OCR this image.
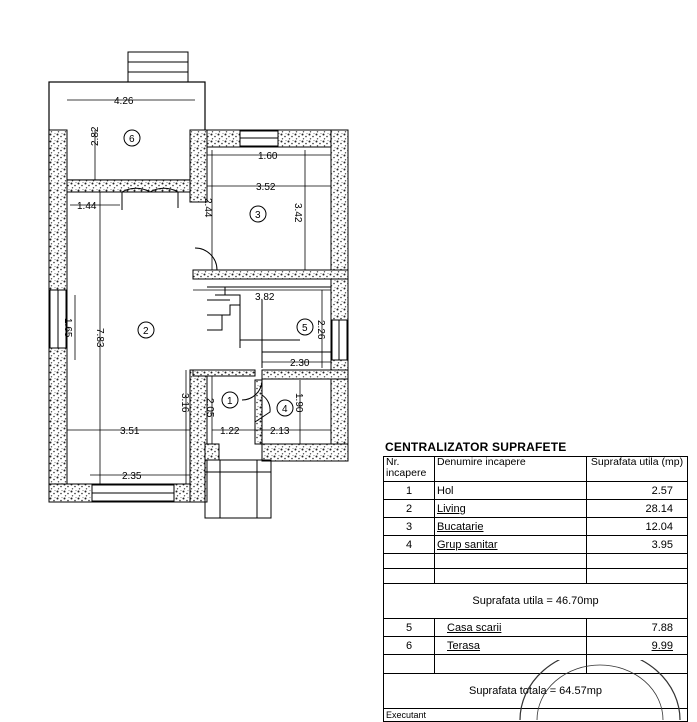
4.26
2.82
1.60
3.52
2.44	3.42
1.44
3.82
7.83
1.65	2.26
2.30
2.05	1.90
3.16
3.51	1.22	2.13
2.35
6
2
3
1
4
5
CENTRALIZATOR SUPRAFETE
Nr. incapere	Denumire incapere	Suprafata utila (mp)
1	Hol	2.57
2	Living	28.14
3	Bucatarie	12.04
4	Grup sanitar	3.95

Suprafata utila = 46.70mp		
5	Casa scarii	7.88
6	Terasa	9.99

Suprafata totala = 64.57mp		
Executant		
